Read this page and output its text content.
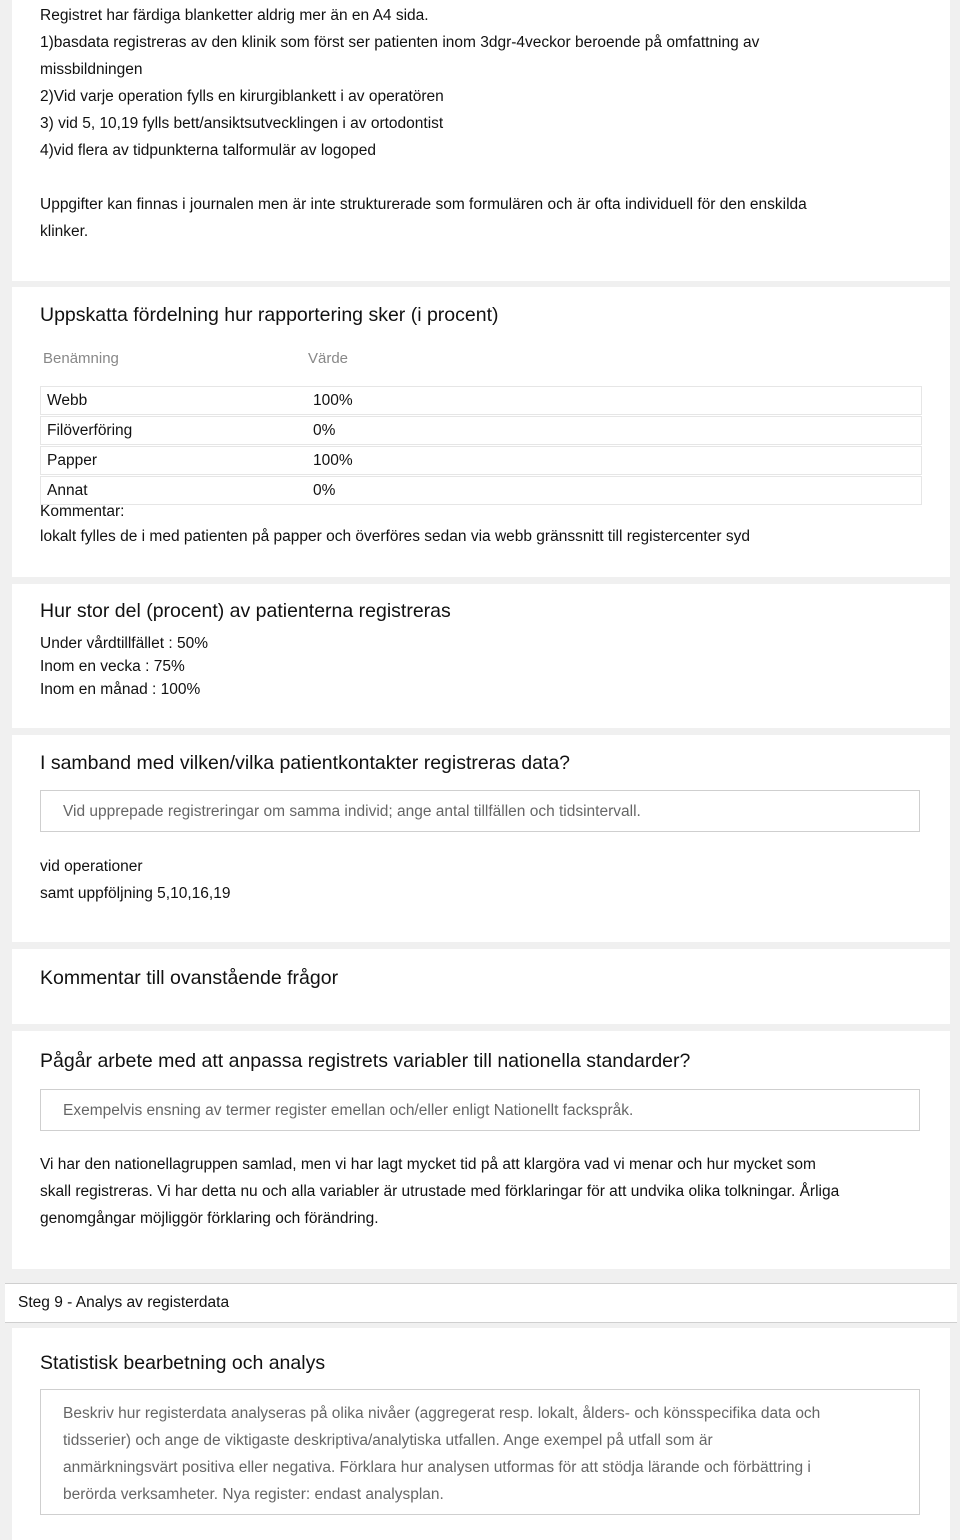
Registret har färdiga blanketter aldrig mer än en A4 sida.

1)basdata registreras av den klinik som först ser patienten inom 3dgr-4veckor beroende på omfattning av

missbildningen

2)Vid varje operation fylls en kirurgiblankett i av operatören

3) vid 5, 10,19 fylls bett/ansiktsutvecklingen i av ortodontist

4)vid flera av tidpunkterna talformulär av logoped

Uppgifter kan finnas i journalen men är inte strukturerade som formulären och är ofta individuell för den enskilda

klinker.

Uppskatta fördelning hur rapportering sker (i procent)
Benämning	Värde
Webb	100%
Filöverföring	0%
Papper	100%
Annat	0%

Kommentar:

lokalt fylles de i med patienten på papper och överföres sedan via webb gränssnitt till registercenter syd

Hur stor del (procent) av patienterna registreras

Under vårdtillfället : 50%

Inom en vecka : 75%

Inom en månad : 100%

I samband med vilken/vilka patientkontakter registreras data?
Vid upprepade registreringar om samma individ; ange antal tillfällen och tidsintervall.

vid operationer

samt uppföljning 5,10,16,19

Kommentar till ovanstående frågor
Pågår arbete med att anpassa registrets variabler till nationella standarder?
Exempelvis ensning av termer register emellan och/eller enligt Nationellt fackspråk.

Vi har den nationellagruppen samlad, men vi har lagt mycket tid på att klargöra vad vi menar och hur mycket som

skall registreras. Vi har detta nu och alla variabler är utrustade med förklaringar för att undvika olika tolkningar. Årliga

genomgångar möjliggör förklaring och förändring.

Steg 9 - Analys av registerdata
Statistisk bearbetning och analys
Beskriv hur registerdata analyseras på olika nivåer (aggregerat resp. lokalt, ålders- och könsspecifika data och
tidsserier) och ange de viktigaste deskriptiva/analytiska utfallen. Ange exempel på utfall som är
anmärkningsvärt positiva eller negativa. Förklara hur analysen utformas för att stödja lärande och förbättring i
berörda verksamheter. Nya register: endast analysplan.
